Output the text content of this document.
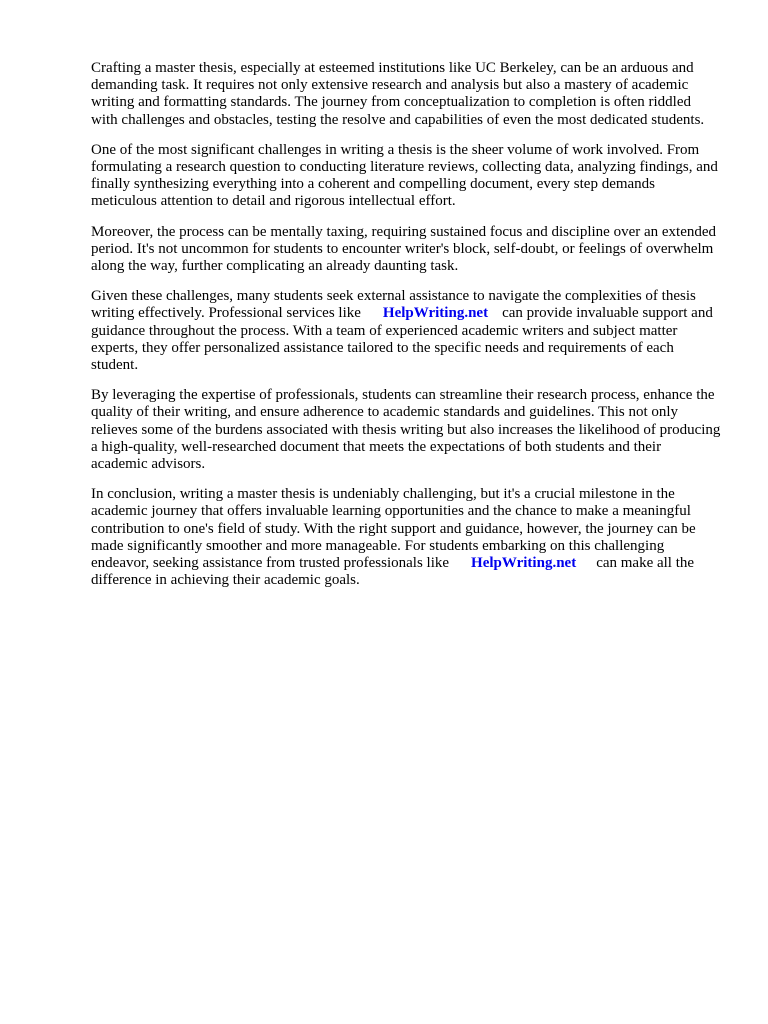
Crafting a master thesis, especially at esteemed institutions like UC Berkeley, can be an arduous and demanding task. It requires not only extensive research and analysis but also a mastery of academic writing and formatting standards. The journey from conceptualization to completion is often riddled with challenges and obstacles, testing the resolve and capabilities of even the most dedicated students.

One of the most significant challenges in writing a thesis is the sheer volume of work involved. From formulating a research question to conducting literature reviews, collecting data, analyzing findings, and finally synthesizing everything into a coherent and compelling document, every step demands meticulous attention to detail and rigorous intellectual effort.

Moreover, the process can be mentally taxing, requiring sustained focus and discipline over an extended period. It's not uncommon for students to encounter writer's block, self-doubt, or feelings of overwhelm along the way, further complicating an already daunting task.

Given these challenges, many students seek external assistance to navigate the complexities of thesis writing effectively. Professional services like HelpWriting.net can provide invaluable support and guidance throughout the process. With a team of experienced academic writers and subject matter experts, they offer personalized assistance tailored to the specific needs and requirements of each student.

By leveraging the expertise of professionals, students can streamline their research process, enhance the quality of their writing, and ensure adherence to academic standards and guidelines. This not only relieves some of the burdens associated with thesis writing but also increases the likelihood of producing a high-quality, well-researched document that meets the expectations of both students and their academic advisors.

In conclusion, writing a master thesis is undeniably challenging, but it's a crucial milestone in the academic journey that offers invaluable learning opportunities and the chance to make a meaningful contribution to one's field of study. With the right support and guidance, however, the journey can be made significantly smoother and more manageable. For students embarking on this challenging endeavor, seeking assistance from trusted professionals like HelpWriting.net can make all the difference in achieving their academic goals.
